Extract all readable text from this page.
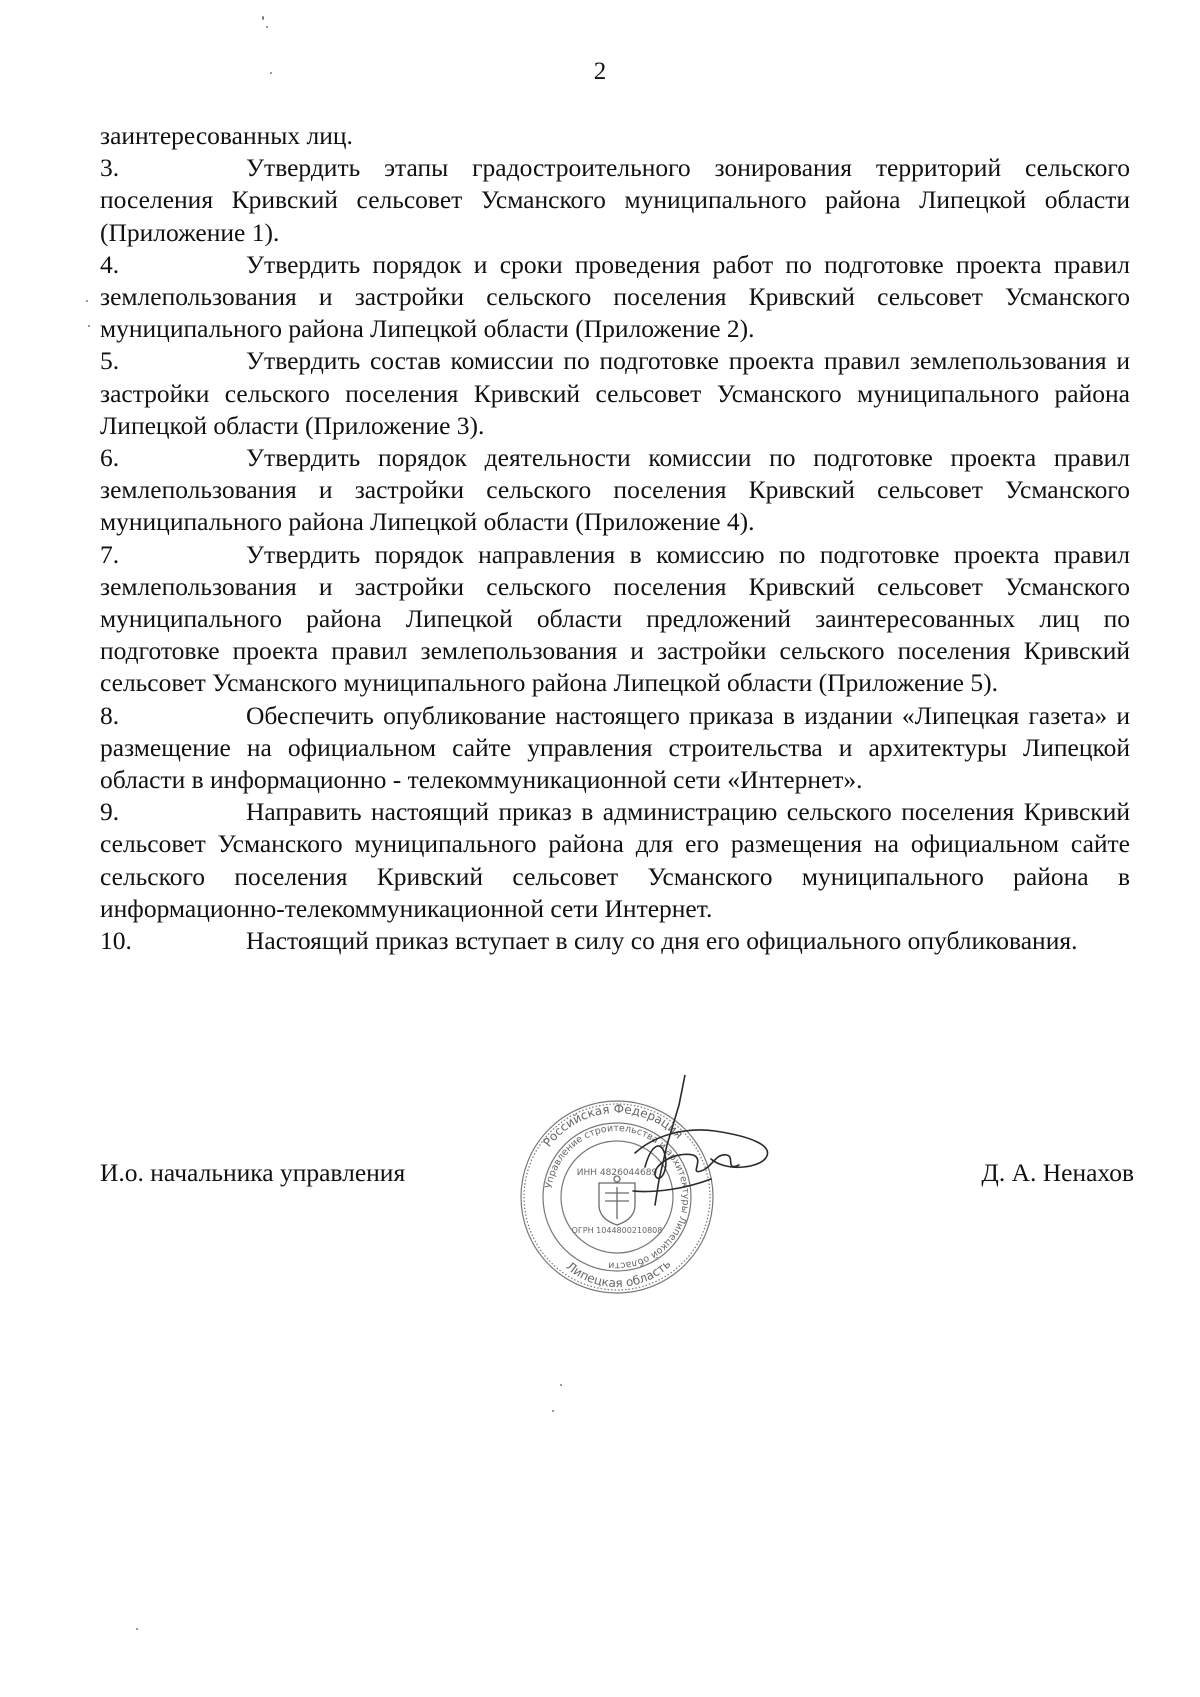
2

заинтересованных лиц.

3.	Утвердить этапы градостроительного зонирования территорий сельского поселения Кривский сельсовет Усманского муниципального района Липецкой области (Приложение 1).

4.	Утвердить порядок и сроки проведения работ по подготовке проекта правил землепользования и застройки сельского поселения Кривский сельсовет Усманского муниципального района Липецкой области (Приложение 2).

5.	Утвердить состав комиссии по подготовке проекта правил землепользования и застройки сельского поселения Кривский сельсовет Усманского муниципального района Липецкой области (Приложение 3).

6.	Утвердить порядок деятельности комиссии по подготовке проекта правил землепользования и застройки сельского поселения Кривский сельсовет Усманского муниципального района Липецкой области (Приложение 4).

7.	Утвердить порядок направления в комиссию по подготовке проекта правил землепользования и застройки сельского поселения Кривский сельсовет Усманского муниципального района Липецкой области предложений заинтересованных лиц по подготовке проекта правил землепользования и застройки сельского поселения Кривский сельсовет Усманского муниципального района Липецкой области (Приложение 5).

8.	Обеспечить опубликование настоящего приказа в издании «Липецкая газета» и размещение на официальном сайте управления строительства и архитектуры Липецкой области в информационно - телекоммуникационной сети «Интернет».

9.	Направить настоящий приказ в администрацию сельского поселения Кривский сельсовет Усманского муниципального района для его размещения на официальном сайте сельского поселения Кривский сельсовет Усманского муниципального района в информационно-телекоммуникационной сети Интернет.

10.	Настоящий приказ вступает в силу со дня его официального опубликования.

И.о. начальника управления	Д. А. Ненахов
Российская Федерация
Управление строительства и архитектуры Липецкой области
Липецкая область
ИНН 4826044689
ОГРН 1044800210808
